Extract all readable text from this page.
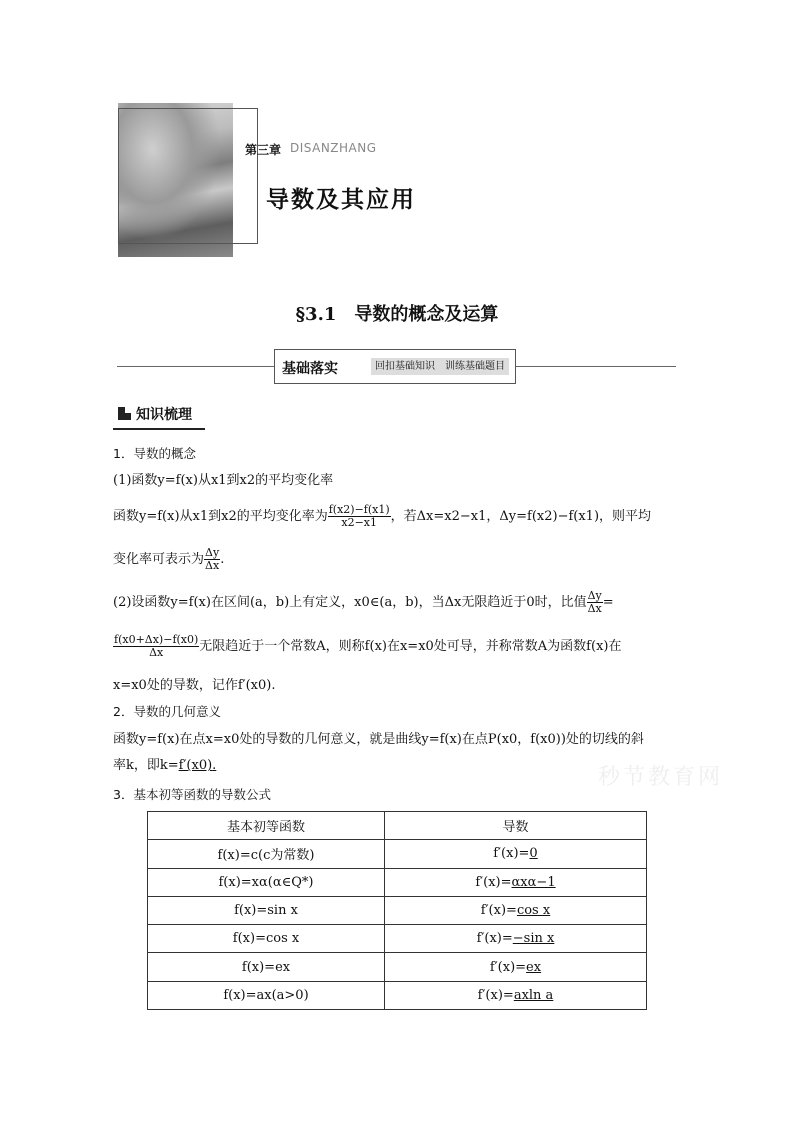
第三章 DISANZHANG
导数及其应用
§3.1　导数的概念及运算
基础落实	回扣基础知识　训练基础题目
知识梳理
1．导数的概念
(1)函数y=f(x)从x1到x2的平均变化率
函数y=f(x)从x1到x2的平均变化率为 $\frac{f(x2)-f(x1)}{x2-x1}$ ，若Δx=x2−x1，Δy=f(x2)−f(x1)，则平均
变化率可表示为 $\frac{\Delta y}{\Delta x}$ .
(2)设函数y=f(x)在区间(a，b)上有定义，x0∈(a，b)，当Δx无限趋近于0时，比值 $\frac{\Delta y}{\Delta x}$ =
$\frac{f(x0+\Delta x)-f(x0)}{\Delta x}$ 无限趋近于一个常数A，则称f(x)在x=x0处可导，并称常数A为函数f(x)在
x=x0处的导数，记作f′(x0).
2．导数的几何意义
函数y=f(x)在点x=x0处的导数的几何意义，就是曲线y=f(x)在点P(x0，f(x0))处的切线的斜
率k，即k=f′(x0).	秒节教育网
3．基本初等函数的导数公式
基本初等函数	导数
f(x)=c(c为常数)	f′(x)=0
f(x)=xα(α∈Q*)	f′(x)=αxα−1
f(x)=sin x	f′(x)=cos x
f(x)=cos x	f′(x)=−sin x
f(x)=ex	f′(x)=ex
f(x)=ax(a>0)	f′(x)=axln a
